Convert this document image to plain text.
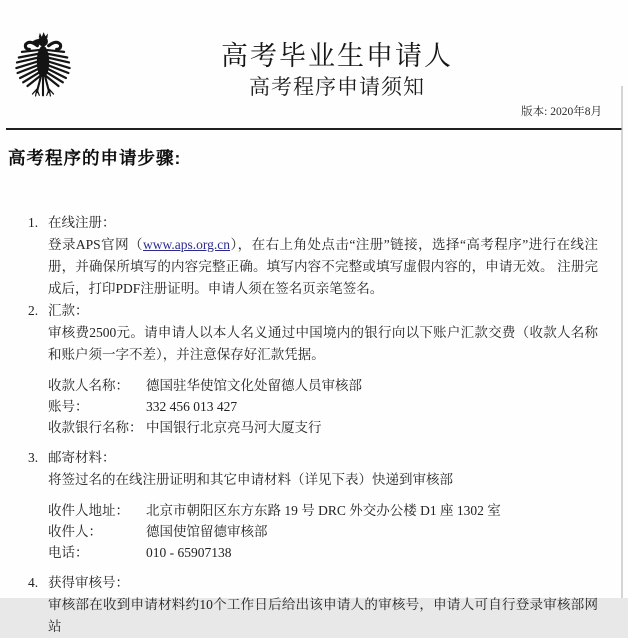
高考毕业生申请人
高考程序申请须知
版本: 2020年8月
高考程序的申请步骤:
1. 在线注册：

登录APS官网（www.aps.org.cn），在右上角处点击“注册”链接，选择“高考程序”进行在线注册，并确保所填写的内容完整正确。填写内容不完整或填写虚假内容的，申请无效。 注册完成后，打印PDF注册证明。申请人须在签名页亲笔签名。

2. 汇款：

审核费2500元。请申请人以本人名义通过中国境内的银行向以下账户汇款交费（收款人名称和账户须一字不差），并注意保存好汇款凭据。

收款人名称：	德国驻华使馆文化处留德人员审核部
账号：	332 456 013 427
收款银行名称： 中国银行北京亮马河大厦支行
3. 邮寄材料：

将签过名的在线注册证明和其它申请材料（详见下表）快递到审核部

收件人地址：	北京市朝阳区东方东路 19 号 DRC 外交办公楼 D1 座 1302 室
收件人：	德国使馆留德审核部
电话：	010 - 65907138
4. 获得审核号：

审核部在收到申请材料约10个工作日后给出该申请人的审核号，申请人可自行登录审核部网站
